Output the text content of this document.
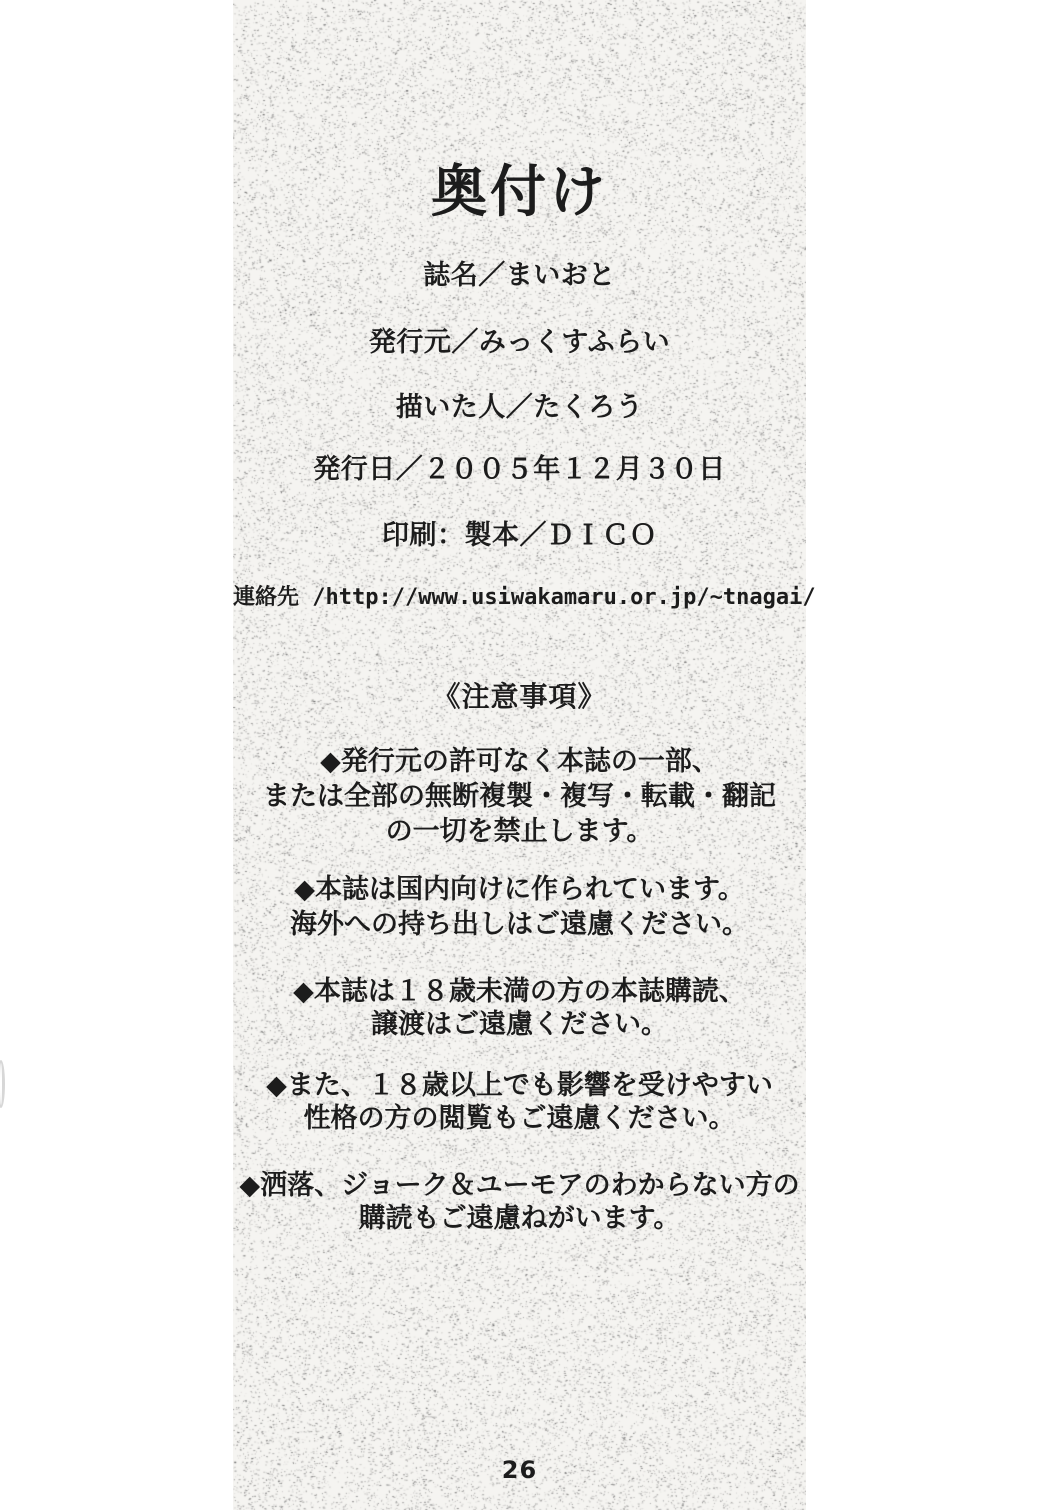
奥付け
誌名／まいおと
発行元／みっくすふらい
描いた人／たくろう
発行日／２００５年１２月３０日
印刷：製本／ＤＩＣＯ
連絡先 /http://www.usiwakamaru.or.jp/~tnagai/
《注意事項》
◆発行元の許可なく本誌の一部、
または全部の無断複製・複写・転載・翻記
の一切を禁止します。
◆本誌は国内向けに作られています。
海外への持ち出しはご遠慮ください。
◆本誌は１８歳未満の方の本誌購読、
譲渡はご遠慮ください。
◆また、１８歳以上でも影響を受けやすい
性格の方の閲覧もご遠慮ください。
◆洒落、ジョーク＆ユーモアのわからない方の
購読もご遠慮ねがいます。
26
